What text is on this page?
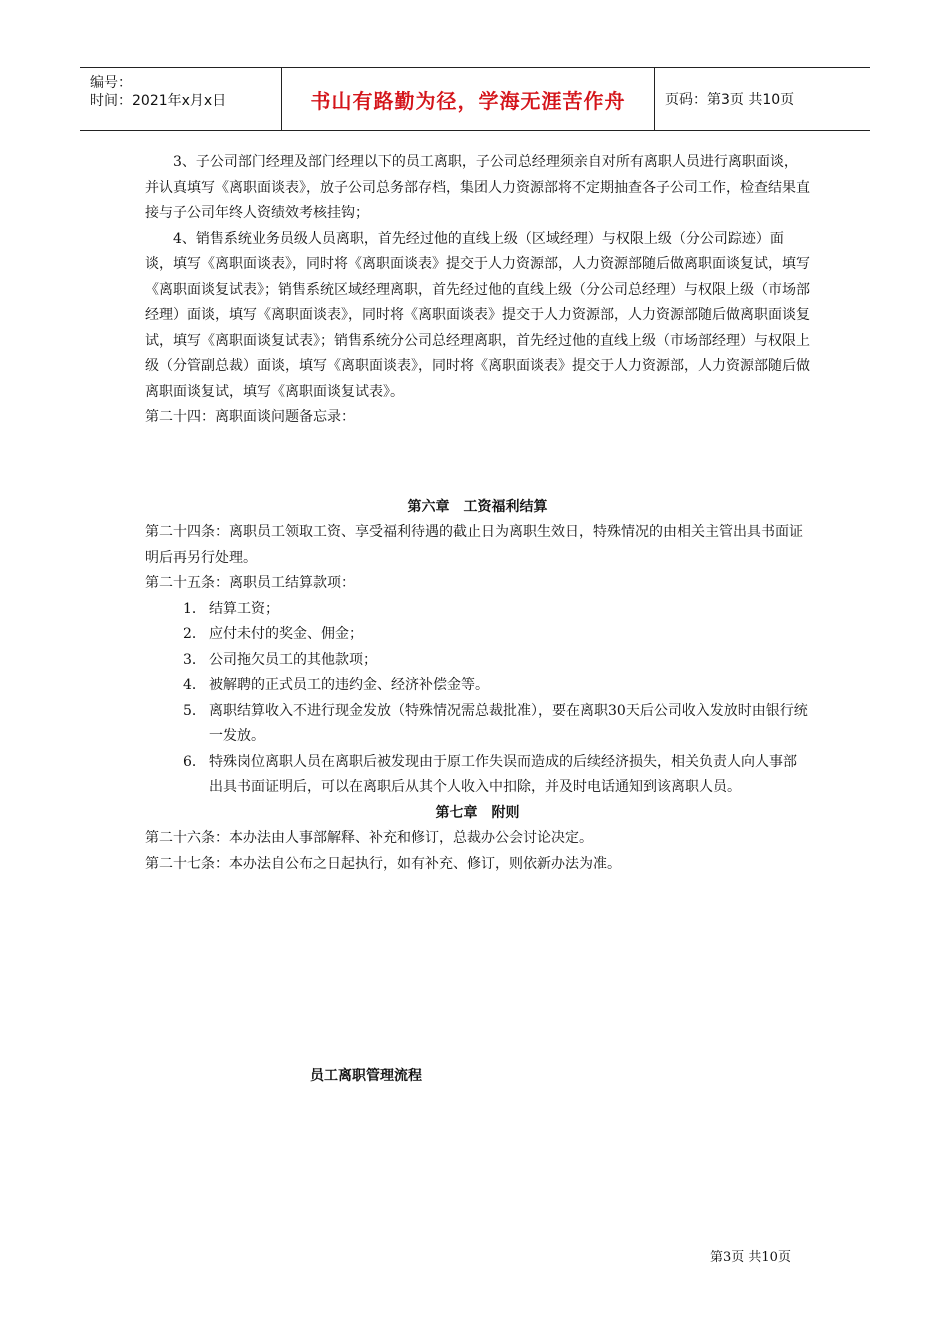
编号：
时间：2021年x月x日	书山有路勤为径，学海无涯苦作舟	页码：第3页 共10页

3、子公司部门经理及部门经理以下的员工离职，子公司总经理须亲自对所有离职人员进行离职面谈，并认真填写《离职面谈表》，放子公司总务部存档，集团人力资源部将不定期抽查各子公司工作，检查结果直接与子公司年终人资绩效考核挂钩；

4、销售系统业务员级人员离职，首先经过他的直线上级（区域经理）与权限上级（分公司踪迹）面谈，填写《离职面谈表》，同时将《离职面谈表》提交于人力资源部，人力资源部随后做离职面谈复试，填写《离职面谈复试表》；销售系统区域经理离职，首先经过他的直线上级（分公司总经理）与权限上级（市场部经理）面谈，填写《离职面谈表》，同时将《离职面谈表》提交于人力资源部，人力资源部随后做离职面谈复试，填写《离职面谈复试表》；销售系统分公司总经理离职，首先经过他的直线上级（市场部经理）与权限上级（分管副总裁）面谈，填写《离职面谈表》，同时将《离职面谈表》提交于人力资源部，人力资源部随后做离职面谈复试，填写《离职面谈复试表》。

第二十四：离职面谈问题备忘录：

第六章　工资福利结算

第二十四条：离职员工领取工资、享受福利待遇的截止日为离职生效日，特殊情况的由相关主管出具书面证明后再另行处理。

第二十五条：离职员工结算款项：

1． 结算工资；
2． 应付未付的奖金、佣金；
3． 公司拖欠员工的其他款项；
4． 被解聘的正式员工的违约金、经济补偿金等。
5． 离职结算收入不进行现金发放（特殊情况需总裁批准），要在离职30天后公司收入发放时由银行统一发放。
6． 特殊岗位离职人员在离职后被发现由于原工作失误而造成的后续经济损失，相关负责人向人事部出具书面证明后，可以在离职后从其个人收入中扣除，并及时电话通知到该离职人员。

第七章　附则

第二十六条：本办法由人事部解释、补充和修订，总裁办公会讨论决定。

第二十七条：本办法自公布之日起执行，如有补充、修订，则依新办法为准。

员工离职管理流程
第3页 共10页
